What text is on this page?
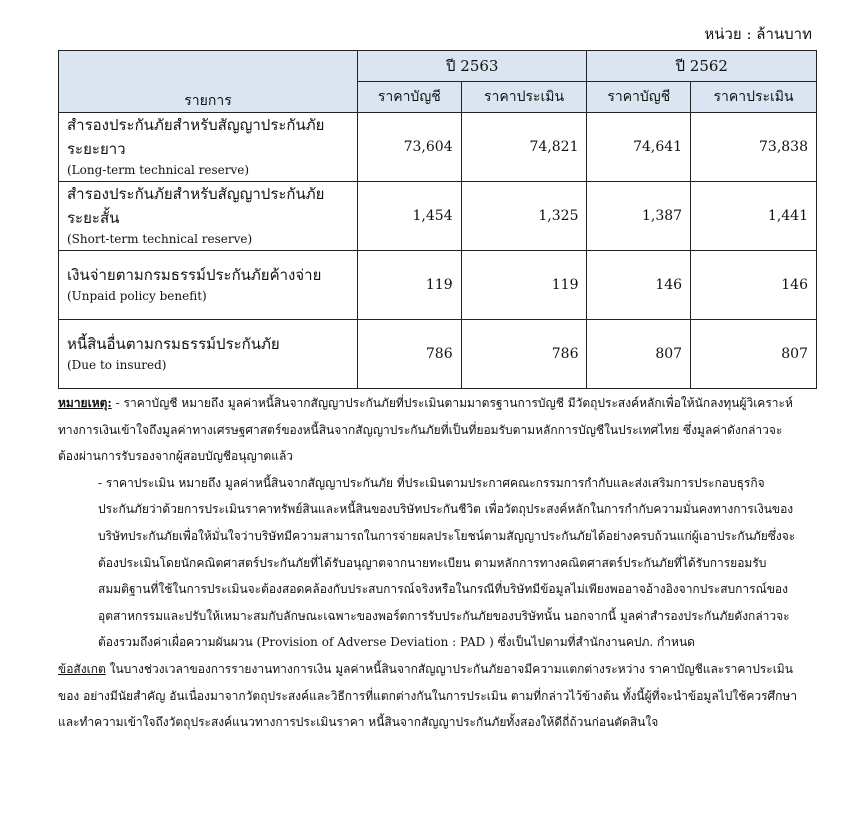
หน่วย : ล้านบาท
รายการ	ปี 2563		ปี 2562	
	ราคาบัญชี	ราคาประเมิน	ราคาบัญชี	ราคาประเมิน

สำรองประกันภัยสำหรับสัญญาประกันภัยระยะยาว
(Long-term technical reserve)	73,604	74,821	74,641	73,838

สำรองประกันภัยสำหรับสัญญาประกันภัยระยะสั้น
(Short-term technical reserve)	1,454	1,325	1,387	1,441

เงินจ่ายตามกรมธรรม์ประกันภัยค้างจ่าย
(Unpaid policy benefit)	119	119	146	146

หนี้สินอื่นตามกรมธรรม์ประกันภัย
(Due to insured)	786	786	807	807

หมายเหตุ: - ราคาบัญชี หมายถึง มูลค่าหนี้สินจากสัญญาประกันภัยที่ประเมินตามมาตรฐานการบัญชี มีวัตถุประสงค์หลักเพื่อให้นักลงทุนผู้วิเคราะห์ทางการเงินเข้าใจถึงมูลค่าทางเศรษฐศาสตร์ของหนี้สินจากสัญญาประกันภัยที่เป็นที่ยอมรับตามหลักการบัญชีในประเทศไทย ซึ่งมูลค่าดังกล่าวจะต้องผ่านการรับรองจากผู้สอบบัญชีอนุญาตแล้ว

- ราคาประเมิน หมายถึง มูลค่าหนี้สินจากสัญญาประกันภัย ที่ประเมินตามประกาศคณะกรรมการกำกับและส่งเสริมการประกอบธุรกิจประกันภัยว่าด้วยการประเมินราคาทรัพย์สินและหนี้สินของบริษัทประกันชีวิต เพื่อวัตถุประสงค์หลักในการกำกับความมั่นคงทางการเงินของบริษัทประกันภัยเพื่อให้มั่นใจว่าบริษัทมีความสามารถในการจ่ายผลประโยชน์ตามสัญญาประกันภัยได้อย่างครบถ้วนแก่ผู้เอาประกันภัยซึ่งจะต้องประเมินโดยนักคณิตศาสตร์ประกันภัยที่ได้รับอนุญาตจากนายทะเบียน ตามหลักการทางคณิตศาสตร์ประกันภัยที่ได้รับการยอมรับ สมมติฐานที่ใช้ในการประเมินจะต้องสอดคล้องกับประสบการณ์จริงหรือในกรณีที่บริษัทมีข้อมูลไม่เพียงพออาจอ้างอิงจากประสบการณ์ของอุตสาหกรรมและปรับให้เหมาะสมกับลักษณะเฉพาะของพอร์ตการรับประกันภัยของบริษัทนั้น นอกจากนี้ มูลค่าสำรองประกันภัยดังกล่าวจะต้องรวมถึงค่าเผื่อความผันผวน (Provision of Adverse Deviation : PAD ) ซึ่งเป็นไปตามที่สำนักงานคปภ. กำหนด

ข้อสังเกต ในบางช่วงเวลาของการรายงานทางการเงิน มูลค่าหนี้สินจากสัญญาประกันภัยอาจมีความแตกต่างระหว่าง ราคาบัญชีและราคาประเมินของ อย่างมีนัยสำคัญ อันเนื่องมาจากวัตถุประสงค์และวิธีการที่แตกต่างกันในการประเมิน ตามที่กล่าวไว้ข้างต้น ทั้งนี้ผู้ที่จะนำข้อมูลไปใช้ควรศึกษาและทำความเข้าใจถึงวัตถุประสงค์แนวทางการประเมินราคา หนี้สินจากสัญญาประกันภัยทั้งสองให้ดีถี่ถ้วนก่อนตัดสินใจ
